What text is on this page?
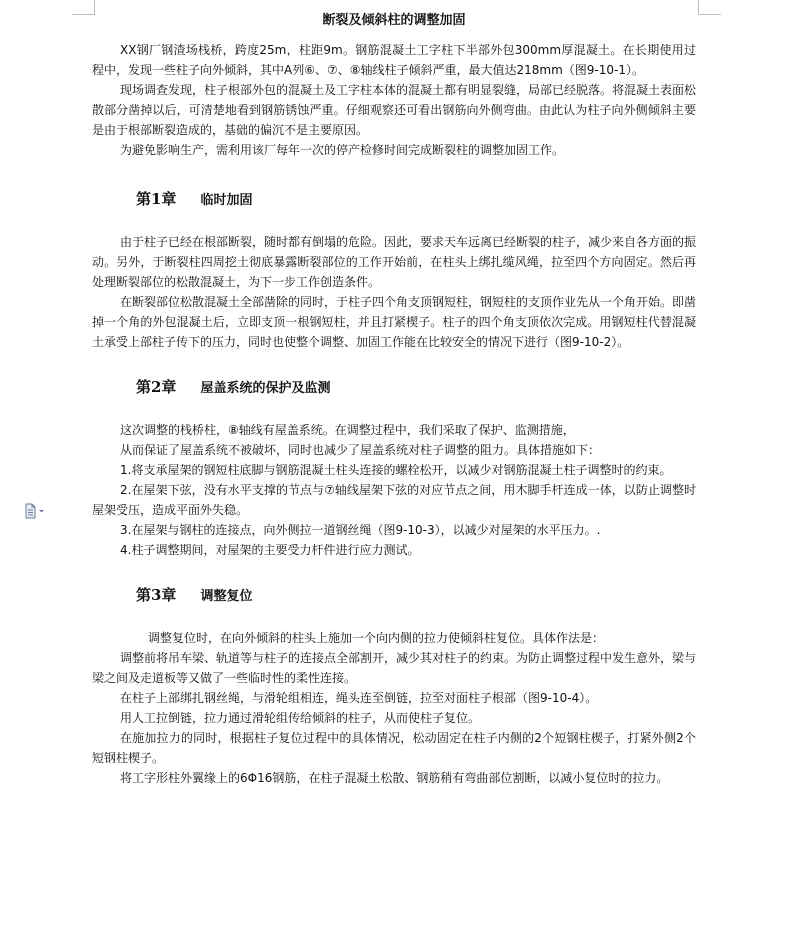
断裂及倾斜柱的调整加固

XX钢厂钢渣场栈桥，跨度25m，柱距9m。钢筋混凝土工字柱下半部外包300mm厚混凝土。在长期使用过程中，发现一些柱子向外倾斜，其中A列⑥、⑦、⑧轴线柱子倾斜严重，最大值达218mm（图9-10-1）。

现场调查发现，柱子根部外包的混凝土及工字柱本体的混凝土都有明显裂缝，局部已经脱落。将混凝土表面松散部分凿掉以后，可清楚地看到钢筋锈蚀严重。仔细观察还可看出钢筋向外侧弯曲。由此认为柱子向外侧倾斜主要是由于根部断裂造成的，基础的偏沉不是主要原因。

为避免影响生产，需利用该厂每年一次的停产检修时间完成断裂柱的调整加固工作。

第1章 临时加固

由于柱子已经在根部断裂，随时都有倒塌的危险。因此，要求天车远离已经断裂的柱子，减少来自各方面的振动。另外，于断裂柱四周挖土彻底暴露断裂部位的工作开始前，在柱头上绑扎缆风绳，拉至四个方向固定。然后再处理断裂部位的松散混凝土，为下一步工作创造条件。

在断裂部位松散混凝土全部凿除的同时，于柱子四个角支顶钢短柱，钢短柱的支顶作业先从一个角开始。即凿掉一个角的外包混凝土后，立即支顶一根钢短柱，并且打紧楔子。柱子的四个角支顶依次完成。用钢短柱代替混凝土承受上部柱子传下的压力，同时也使整个调整、加固工作能在比较安全的情况下进行（图9-10-2）。

第2章 屋盖系统的保护及监测

这次调整的栈桥柱，⑧轴线有屋盖系统。在调整过程中，我们采取了保护、监测措施，

从而保证了屋盖系统不被破坏，同时也减少了屋盖系统对柱子调整的阻力。具体措施如下：

1.将支承屋架的钢短柱底脚与钢筋混凝土柱头连接的螺栓松开，以减少对钢筋混凝土柱子调整时的约束。

2.在屋架下弦，没有水平支撑的节点与⑦轴线屋架下弦的对应节点之间，用木脚手杆连成一体，以防止调整时屋架受压，造成平面外失稳。

3.在屋架与钢柱的连接点，向外侧拉一道钢丝绳（图9-10-3），以减少对屋架的水平压力。.

4.柱子调整期间，对屋架的主要受力杆件进行应力测试。

第3章 调整复位

调整复位时，在向外倾斜的柱头上施加一个向内侧的拉力使倾斜柱复位。具体作法是：

调整前将吊车梁、轨道等与柱子的连接点全部割开，减少其对柱子的约束。为防止调整过程中发生意外，梁与梁之间及走道板等又做了一些临时性的柔性连接。

在柱子上部绑扎钢丝绳，与滑轮组相连，绳头连至倒链，拉至对面柱子根部（图9-10-4）。

用人工拉倒链，拉力通过滑轮组传给倾斜的柱子，从而使柱子复位。

在施加拉力的同时，根据柱子复位过程中的具体情况，松动固定在柱子内侧的2个短钢柱楔子，打紧外侧2个短钢柱楔子。

将工字形柱外翼缘上的6Φ16钢筋，在柱子混凝土松散、钢筋稍有弯曲部位割断，以减小复位时的拉力。
